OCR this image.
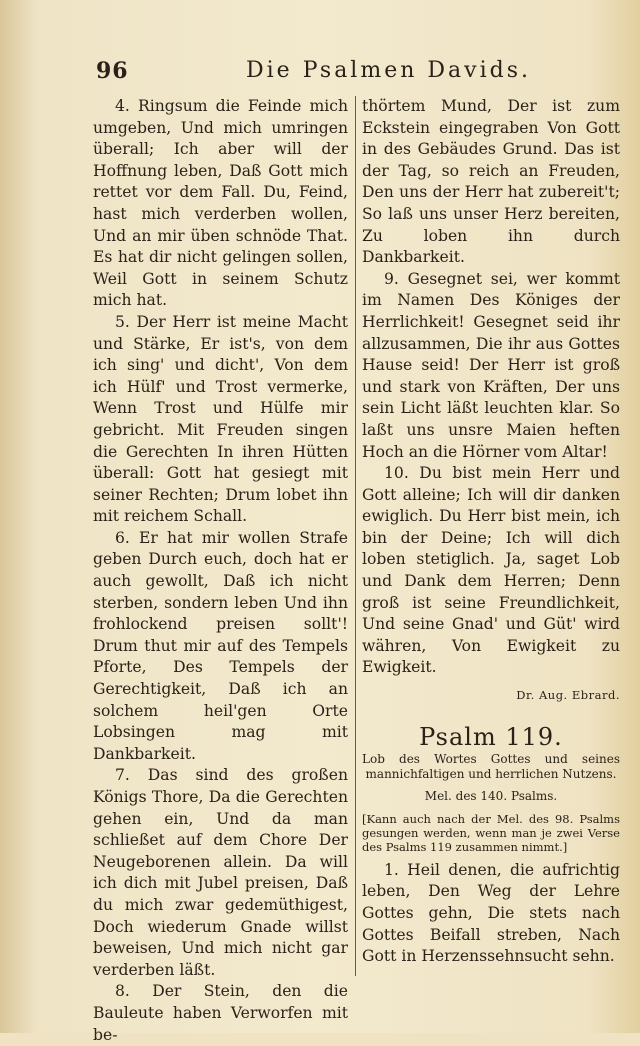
96	Die Psalmen Davids.

4. Ringsum die Feinde mich umgeben, Und mich umringen überall; Ich aber will der Hoffnung leben, Daß Gott mich rettet vor dem Fall. Du, Feind, hast mich verderben wollen, Und an mir üben schnöde That. Es hat dir nicht gelingen sollen, Weil Gott in seinem Schutz mich hat.

5. Der Herr ist meine Macht und Stärke, Er ist's, von dem ich sing' und dicht', Von dem ich Hülf' und Trost vermerke, Wenn Trost und Hülfe mir gebricht. Mit Freuden singen die Gerechten In ihren Hütten überall: Gott hat gesiegt mit seiner Rechten; Drum lobet ihn mit reichem Schall.

6. Er hat mir wollen Strafe geben Durch euch, doch hat er auch gewollt, Daß ich nicht sterben, sondern leben Und ihn frohlockend preisen sollt'! Drum thut mir auf des Tempels Pforte, Des Tempels der Gerechtigkeit, Daß ich an solchem heil'gen Orte Lobsingen mag mit Dankbarkeit.

7. Das sind des großen Königs Thore, Da die Gerechten gehen ein, Und da man schließet auf dem Chore Der Neugeborenen allein. Da will ich dich mit Jubel preisen, Daß du mich zwar gedemüthigest, Doch wiederum Gnade willst beweisen, Und mich nicht gar verderben läßt.

8. Der Stein, den die Bauleute haben Verworfen mit be-

thörtem Mund, Der ist zum Eckstein eingegraben Von Gott in des Gebäudes Grund. Das ist der Tag, so reich an Freuden, Den uns der Herr hat zubereit't; So laß uns unser Herz bereiten, Zu loben ihn durch Dankbarkeit.

9. Gesegnet sei, wer kommt im Namen Des Königes der Herrlichkeit! Gesegnet seid ihr allzusammen, Die ihr aus Gottes Hause seid! Der Herr ist groß und stark von Kräften, Der uns sein Licht läßt leuchten klar. So laßt uns unsre Maien heften Hoch an die Hörner vom Altar!

10. Du bist mein Herr und Gott alleine; Ich will dir danken ewiglich. Du Herr bist mein, ich bin der Deine; Ich will dich loben stetiglich. Ja, saget Lob und Dank dem Herren; Denn groß ist seine Freundlichkeit, Und seine Gnad' und Güt' wird währen, Von Ewigkeit zu Ewigkeit.

Dr. Aug. Ebrard.
Psalm 119.

Lob des Wortes Gottes und seines mannichfaltigen und herrlichen Nutzens.

Mel. des 140. Psalms.

[Kann auch nach der Mel. des 98. Psalms gesungen werden, wenn man je zwei Verse des Psalms 119 zusammen nimmt.]

1. Heil denen, die aufrichtig leben, Den Weg der Lehre Gottes gehn, Die stets nach Gottes Beifall streben, Nach Gott in Herzenssehnsucht sehn.
